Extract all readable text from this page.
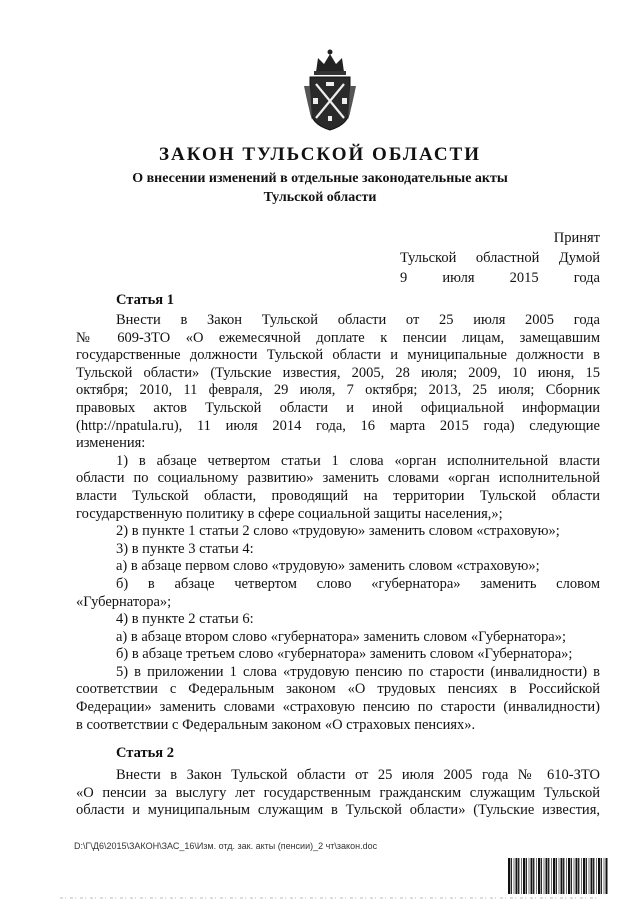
ЗАКОН ТУЛЬСКОЙ ОБЛАСТИ
О внесении изменений в отдельные законодательные акты
Тульской области
Принят
Тульской областной Думой
9 июля 2015 года
Статья 1
Внести в Закон Тульской области от 25 июля 2005 года
№ 609-ЗТО «О ежемесячной доплате к пенсии лицам, замещавшим
государственные должности Тульской области и муниципальные должности в
Тульской области» (Тульские известия, 2005, 28 июля; 2009, 10 июня, 15
октября; 2010, 11 февраля, 29 июля, 7 октября; 2013, 25 июля; Сборник
правовых актов Тульской области и иной официальной информации
(http://npatula.ru), 11 июля 2014 года, 16 марта 2015 года) следующие
изменения:
1) в абзаце четвертом статьи 1 слова «орган исполнительной власти
области по социальному развитию» заменить словами «орган исполнительной
власти Тульской области, проводящий на территории Тульской области
государственную политику в сфере социальной защиты населения,»;
2) в пункте 1 статьи 2 слово «трудовую» заменить словом «страховую»;
3) в пункте 3 статьи 4:
а) в абзаце первом слово «трудовую» заменить словом «страховую»;
б) в абзаце четвертом слово «губернатора» заменить словом
«Губернатора»;
4) в пункте 2 статьи 6:
а) в абзаце втором слово «губернатора» заменить словом «Губернатора»;
б) в абзаце третьем слово «губернатора» заменить словом «Губернатора»;
5) в приложении 1 слова «трудовую пенсию по старости (инвалидности) в
соответствии с Федеральным законом «О трудовых пенсиях в Российской
Федерации» заменить словами «страховую пенсию по старости (инвалидности)
в соответствии с Федеральным законом «О страховых пенсиях».
Статья 2
Внести в Закон Тульской области от 25 июля 2005 года № 610-ЗТО
«О пенсии за выслугу лет государственным гражданским служащим Тульской
области и муниципальным служащим в Тульской области» (Тульские известия,
D:\Г\Д6\2015\ЗАКОН\ЗАС_16\Изм. отд. зак. акты (пенсии)_2 чт\закон.doc
